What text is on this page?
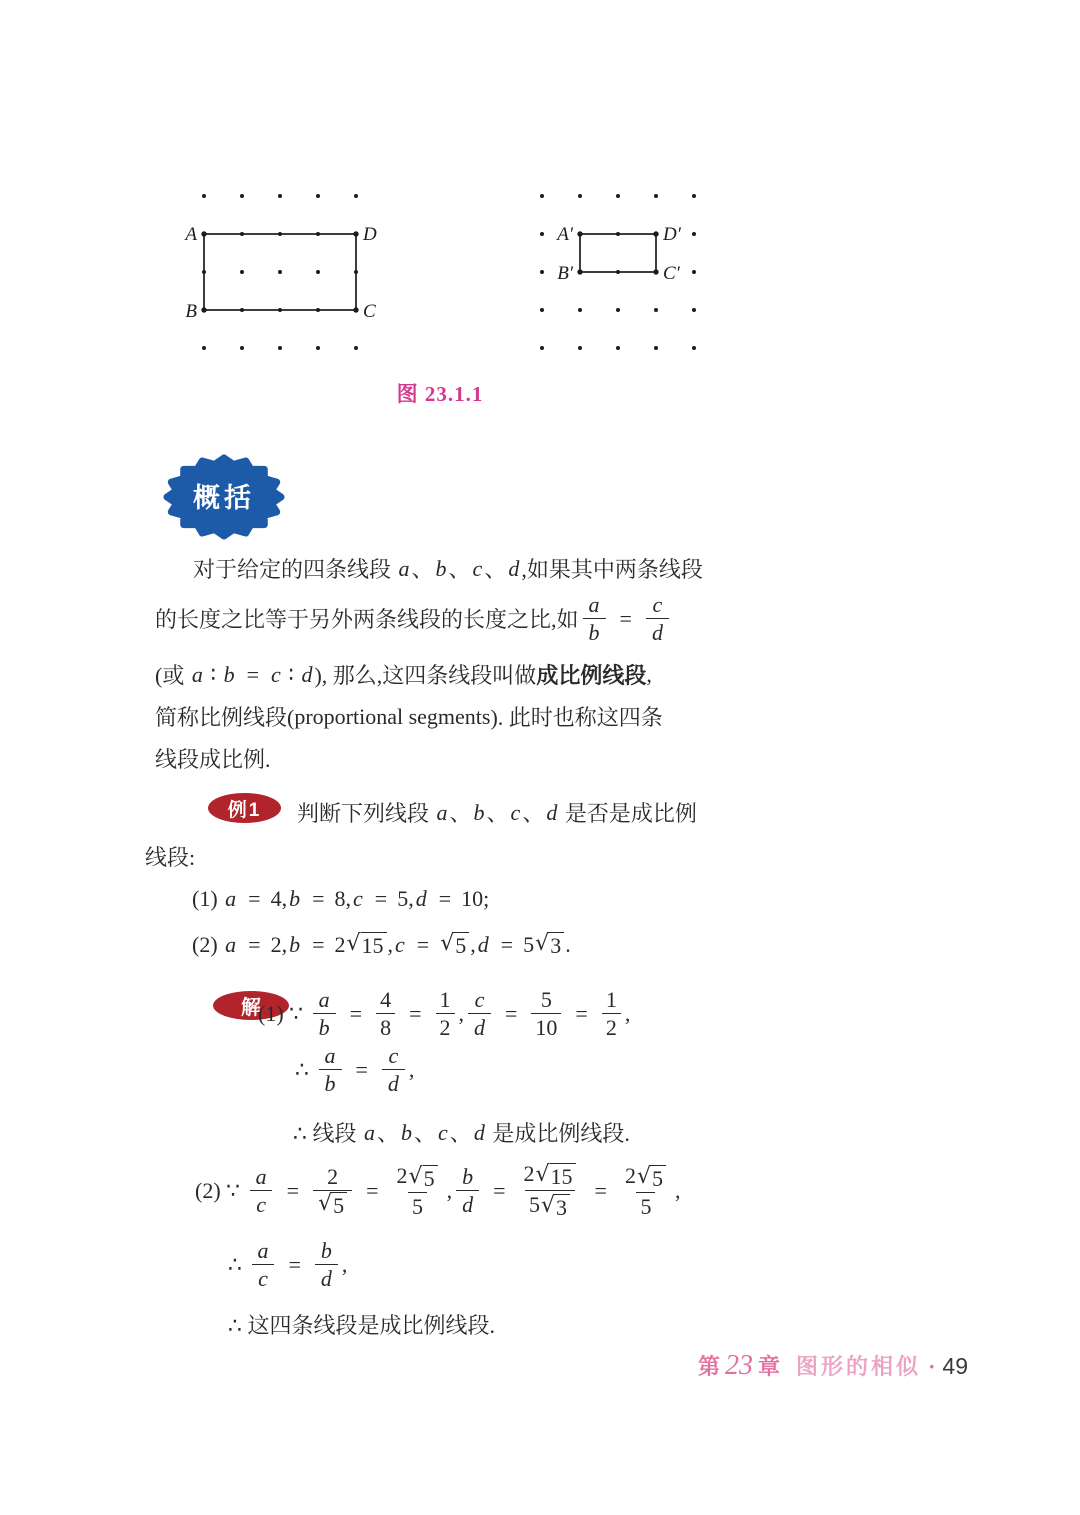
A	D
B	C
A′	D′
B′	C′
图 23.1.1
概括
对于给定的四条线段 a 、 b 、 c 、 d ,如果其中两条线段
的长度之比等于另外两条线段的长度之比,如 $\frac{a}{b} = \frac{c}{d}$
(或 a ∶ b = c ∶ d ), 那么,这四条线段叫做 成比例线段 ,
简称比例线段( proportional segments ). 此时也称这四条
线段成比例.
例1	判断下列线段 a 、 b 、 c 、 d 是否是成比例
线段:
(1) a = 4 , b = 8 , c = 5 , d = 10 ;
(2) a = 2 , b = 2 √ 15 , c = √ 5 , d = 5 √ 3 .
解
(1) ∵ $\frac{a}{b} = \frac{4}{8} = \frac{1}{2}$ , $\frac{c}{d} = \frac{5}{10} = \frac{1}{2}$ ,
∴ $\frac{a}{b} = \frac{c}{d}$ ,
∴ 线段 a 、 b 、 c 、 d 是成比例线段.
(2) ∵ $\frac{a}{c} = \frac{2}{√ 5} = \frac{2 √ 5}{5}$ , $\frac{b}{d} = \frac{2 √ 15}{5 √ 3} = \frac{2 √ 5}{5}$ ,
∴ $\frac{a}{c} = \frac{b}{d}$ ,
∴ 这四条线段是成比例线段.
第 23 章 图形的相似 · 49
